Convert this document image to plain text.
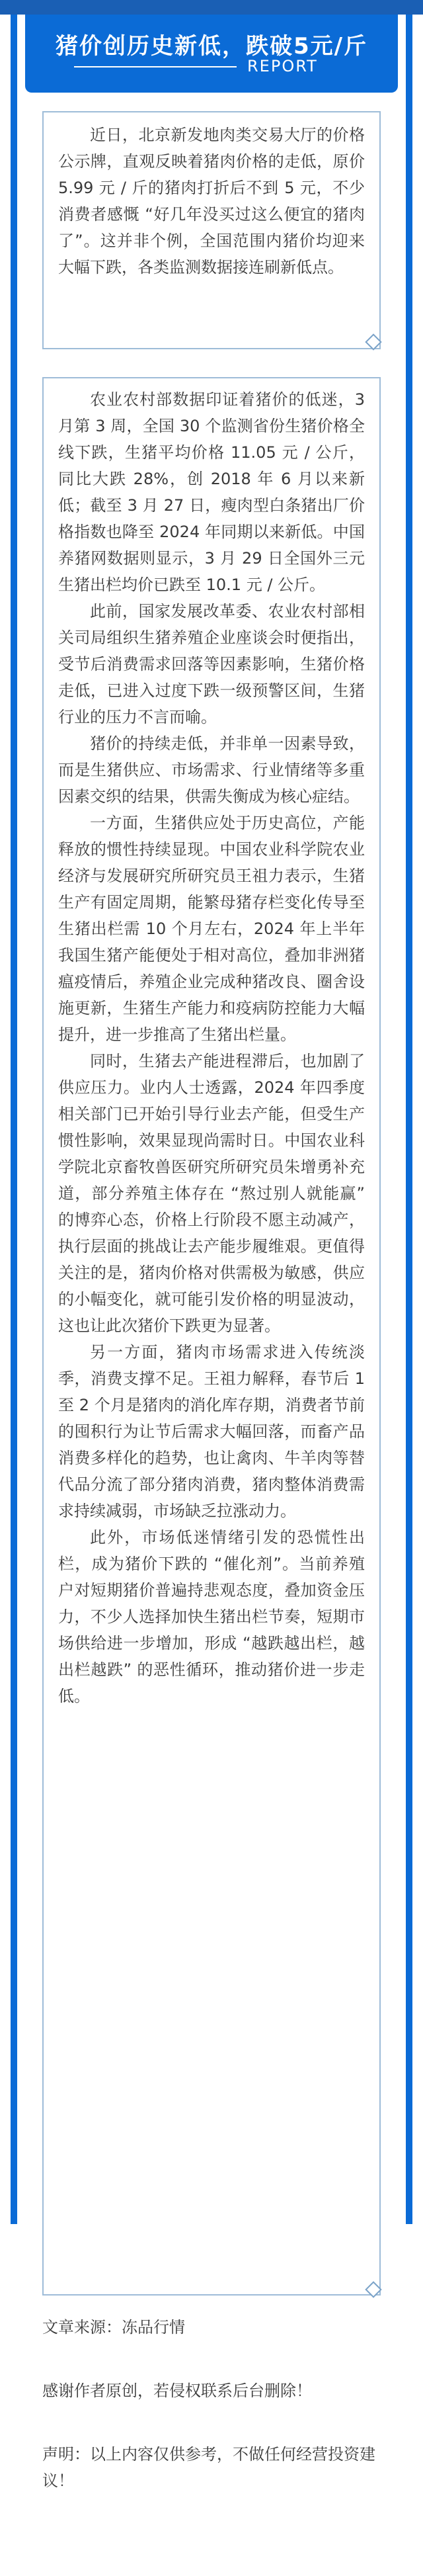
猪价创历史新低，跌破5元/斤
REPORT

近日，北京新发地肉类交易大厅的价格公示牌，直观反映着猪肉价格的走低，原价 5.99 元 / 斤的猪肉打折后不到 5 元，不少消费者感慨 “好几年没买过这么便宜的猪肉了”。这并非个例，全国范围内猪价均迎来大幅下跌，各类监测数据接连刷新低点。

农业农村部数据印证着猪价的低迷，3 月第 3 周，全国 30 个监测省份生猪价格全线下跌，生猪平均价格 11.05 元 / 公斤，同比大跌 28%，创 2018 年 6 月以来新低；截至 3 月 27 日，瘦肉型白条猪出厂价格指数也降至 2024 年同期以来新低。中国养猪网数据则显示，3 月 29 日全国外三元生猪出栏均价已跌至 10.1 元 / 公斤。

此前，国家发展改革委、农业农村部相关司局组织生猪养殖企业座谈会时便指出，受节后消费需求回落等因素影响，生猪价格走低，已进入过度下跌一级预警区间，生猪行业的压力不言而喻。

猪价的持续走低，并非单一因素导致，而是生猪供应、市场需求、行业情绪等多重因素交织的结果，供需失衡成为核心症结。

一方面，生猪供应处于历史高位，产能释放的惯性持续显现。中国农业科学院农业经济与发展研究所研究员王祖力表示，生猪生产有固定周期，能繁母猪存栏变化传导至生猪出栏需 10 个月左右，2024 年上半年我国生猪产能便处于相对高位，叠加非洲猪瘟疫情后，养殖企业完成种猪改良、圈舍设施更新，生猪生产能力和疫病防控能力大幅提升，进一步推高了生猪出栏量。

同时，生猪去产能进程滞后，也加剧了供应压力。业内人士透露，2024 年四季度相关部门已开始引导行业去产能，但受生产惯性影响，效果显现尚需时日。中国农业科学院北京畜牧兽医研究所研究员朱增勇补充道，部分养殖主体存在 “熬过别人就能赢” 的博弈心态，价格上行阶段不愿主动减产，执行层面的挑战让去产能步履维艰。更值得关注的是，猪肉价格对供需极为敏感，供应的小幅变化，就可能引发价格的明显波动，这也让此次猪价下跌更为显著。

另一方面，猪肉市场需求进入传统淡季，消费支撑不足。王祖力解释，春节后 1 至 2 个月是猪肉的消化库存期，消费者节前的囤积行为让节后需求大幅回落，而畜产品消费多样化的趋势，也让禽肉、牛羊肉等替代品分流了部分猪肉消费，猪肉整体消费需求持续减弱，市场缺乏拉涨动力。

此外，市场低迷情绪引发的恐慌性出栏，成为猪价下跌的 “催化剂”。当前养殖户对短期猪价普遍持悲观态度，叠加资金压力，不少人选择加快生猪出栏节奏，短期市场供给进一步增加，形成 “越跌越出栏，越出栏越跌” 的恶性循环，推动猪价进一步走低。

文章来源：冻品行情
感谢作者原创，若侵权联系后台删除！
声明：以上内容仅供参考，不做任何经营投资建议！
